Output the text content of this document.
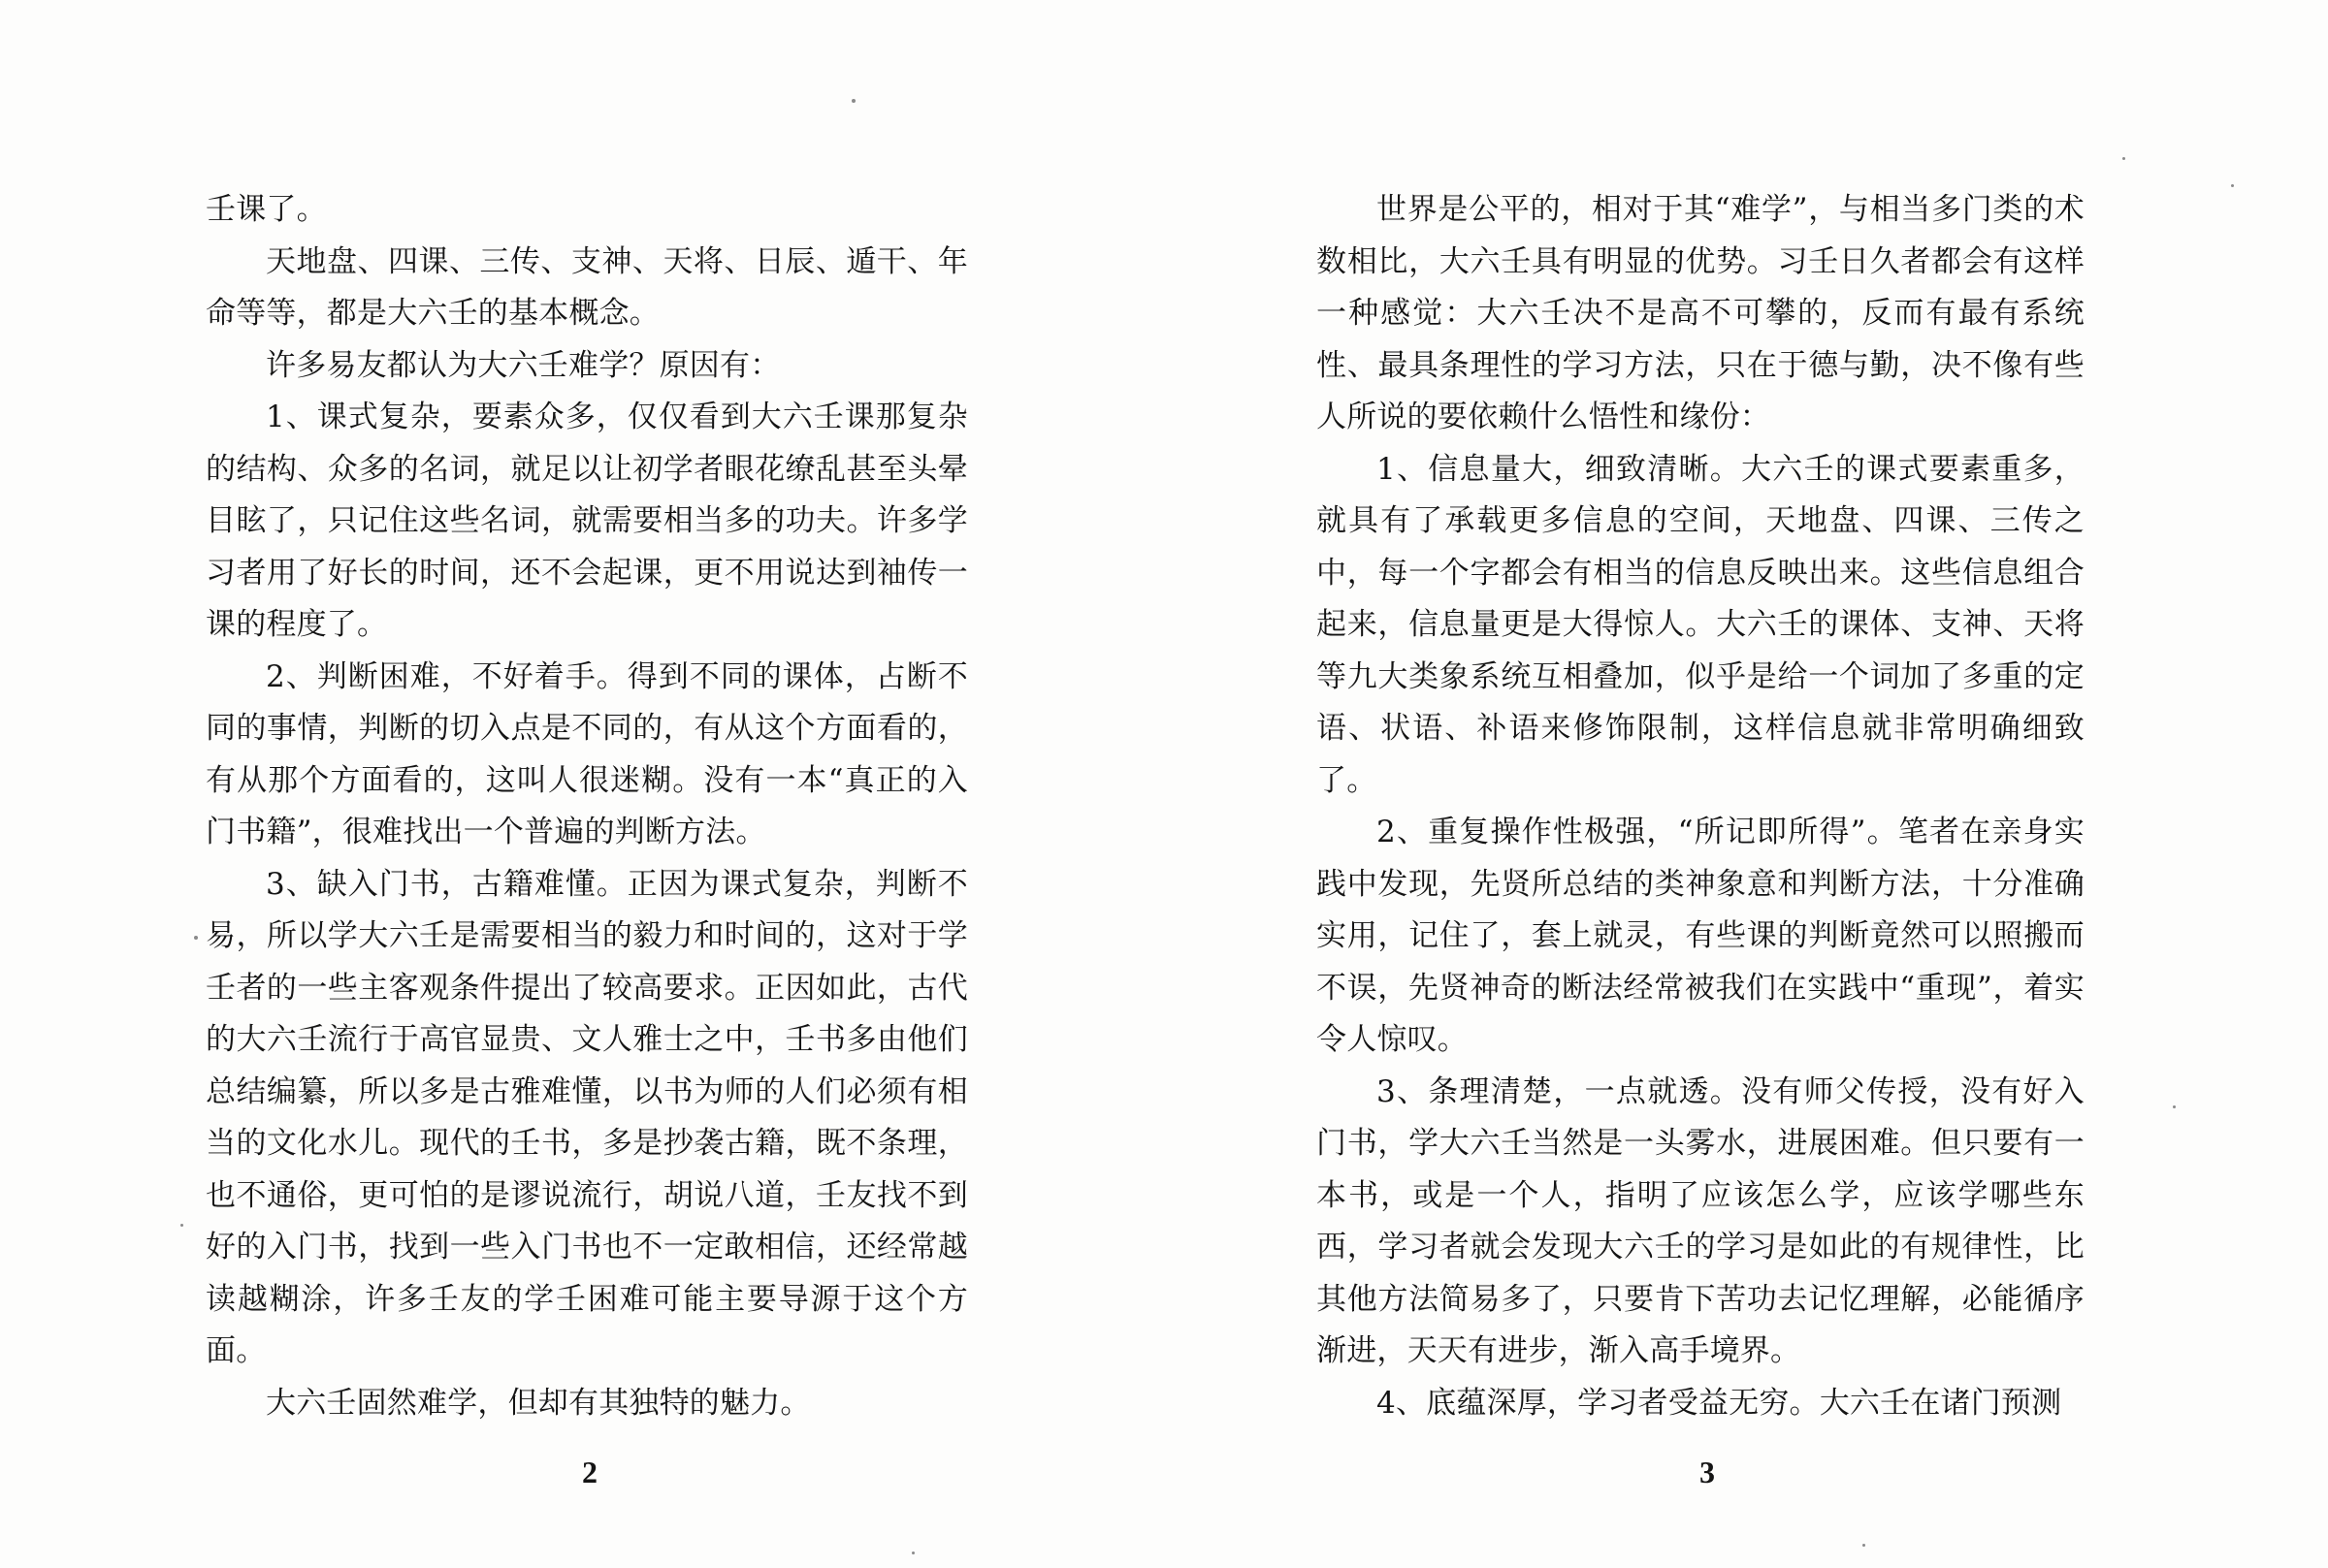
壬课了。

天地盘、四课、三传、支神、天将、日辰、遁干、年命等等，都是大六壬的基本概念。

许多易友都认为大六壬难学？原因有：

1、课式复杂，要素众多，仅仅看到大六壬课那复杂的结构、众多的名词，就足以让初学者眼花缭乱甚至头晕目眩了，只记住这些名词，就需要相当多的功夫。许多学习者用了好长的时间，还不会起课，更不用说达到袖传一课的程度了。

2、判断困难，不好着手。得到不同的课体，占断不同的事情，判断的切入点是不同的，有从这个方面看的，有从那个方面看的，这叫人很迷糊。没有一本“真正的入门书籍”，很难找出一个普遍的判断方法。

3、缺入门书，古籍难懂。正因为课式复杂，判断不易，所以学大六壬是需要相当的毅力和时间的，这对于学壬者的一些主客观条件提出了较高要求。正因如此，古代的大六壬流行于高官显贵、文人雅士之中，壬书多由他们总结编纂，所以多是古雅难懂，以书为师的人们必须有相当的文化水儿。现代的壬书，多是抄袭古籍，既不条理，也不通俗，更可怕的是谬说流行，胡说八道，壬友找不到好的入门书，找到一些入门书也不一定敢相信，还经常越读越糊涂，许多壬友的学壬困难可能主要导源于这个方面。

大六壬固然难学，但却有其独特的魅力。

2

世界是公平的，相对于其“难学”，与相当多门类的术数相比，大六壬具有明显的优势。习壬日久者都会有这样一种感觉：大六壬决不是高不可攀的，反而有最有系统性、最具条理性的学习方法，只在于德与勤，决不像有些人所说的要依赖什么悟性和缘份：

1、信息量大，细致清晰。大六壬的课式要素重多，就具有了承载更多信息的空间，天地盘、四课、三传之中，每一个字都会有相当的信息反映出来。这些信息组合起来，信息量更是大得惊人。大六壬的课体、支神、天将等九大类象系统互相叠加，似乎是给一个词加了多重的定语、状语、补语来修饰限制，这样信息就非常明确细致了。

2、重复操作性极强，“所记即所得”。笔者在亲身实践中发现，先贤所总结的类神象意和判断方法，十分准确实用，记住了，套上就灵，有些课的判断竟然可以照搬而不误，先贤神奇的断法经常被我们在实践中“重现”，着实令人惊叹。

3、条理清楚，一点就透。没有师父传授，没有好入门书，学大六壬当然是一头雾水，进展困难。但只要有一本书，或是一个人，指明了应该怎么学，应该学哪些东西，学习者就会发现大六壬的学习是如此的有规律性，比其他方法简易多了，只要肯下苦功去记忆理解，必能循序渐进，天天有进步，渐入高手境界。

4、底蕴深厚，学习者受益无穷。大六壬在诸门预测

3
